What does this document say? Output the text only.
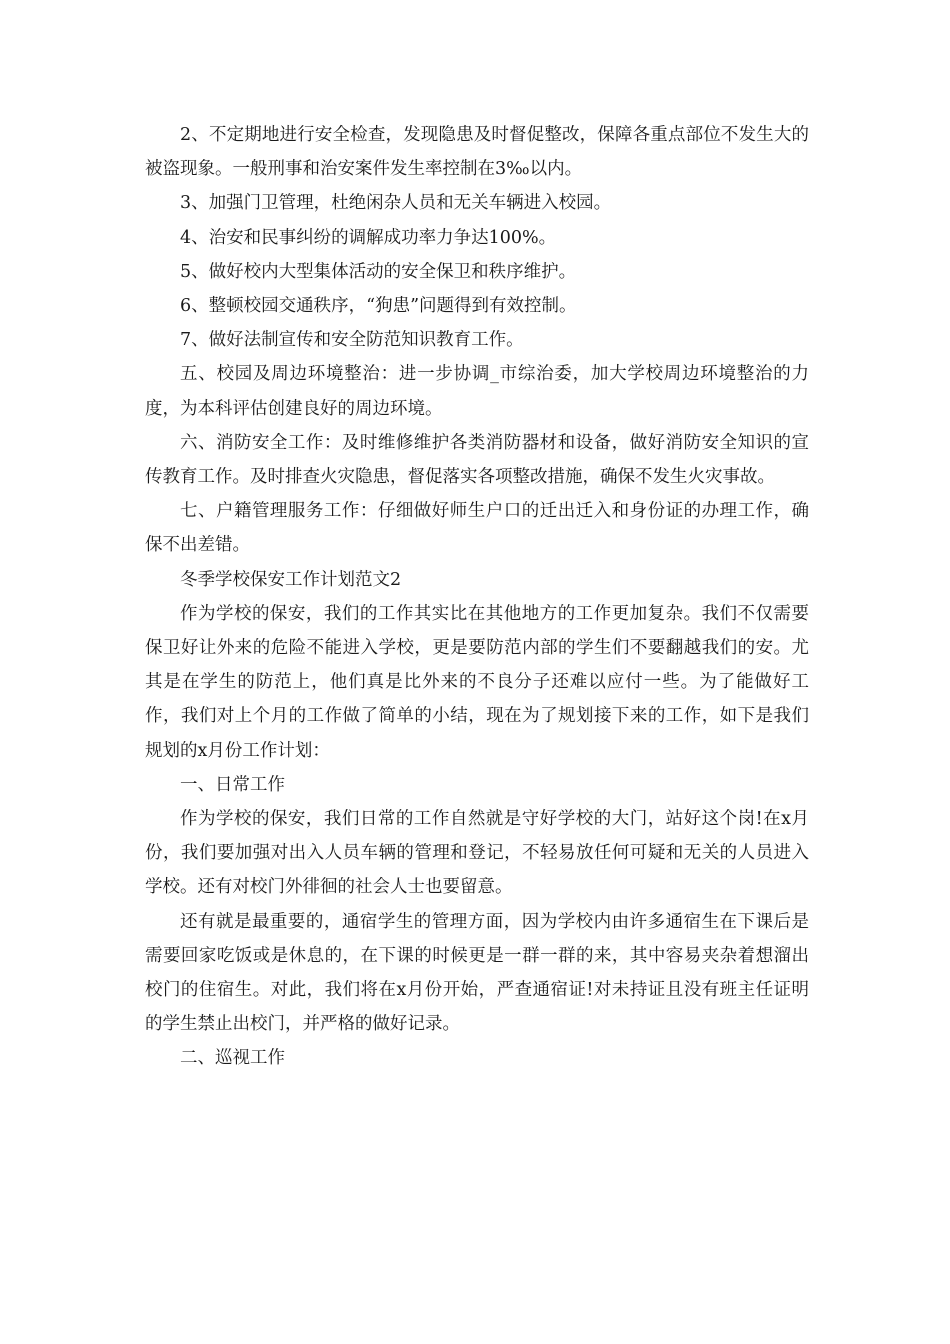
2、不定期地进行安全检查，发现隐患及时督促整改，保障各重点部位不发生大的被盗现象。一般刑事和治安案件发生率控制在3‰以内。

3、加强门卫管理，杜绝闲杂人员和无关车辆进入校园。

4、治安和民事纠纷的调解成功率力争达100%。

5、做好校内大型集体活动的安全保卫和秩序维护。

6、整顿校园交通秩序，“狗患”问题得到有效控制。

7、做好法制宣传和安全防范知识教育工作。

五、校园及周边环境整治：进一步协调_市综治委，加大学校周边环境整治的力度，为本科评估创建良好的周边环境。

六、消防安全工作：及时维修维护各类消防器材和设备，做好消防安全知识的宣传教育工作。及时排查火灾隐患，督促落实各项整改措施，确保不发生火灾事故。

七、户籍管理服务工作：仔细做好师生户口的迁出迁入和身份证的办理工作，确保不出差错。

冬季学校保安工作计划范文2

作为学校的保安，我们的工作其实比在其他地方的工作更加复杂。我们不仅需要保卫好让外来的危险不能进入学校，更是要防范内部的学生们不要翻越我们的安。尤其是在学生的防范上，他们真是比外来的不良分子还难以应付一些。为了能做好工作，我们对上个月的工作做了简单的小结，现在为了规划接下来的工作，如下是我们规划的x月份工作计划：

一、日常工作

作为学校的保安，我们日常的工作自然就是守好学校的大门，站好这个岗!在x月份，我们要加强对出入人员车辆的管理和登记，不轻易放任何可疑和无关的人员进入学校。还有对校门外徘徊的社会人士也要留意。

还有就是最重要的，通宿学生的管理方面，因为学校内由许多通宿生在下课后是需要回家吃饭或是休息的，在下课的时候更是一群一群的来，其中容易夹杂着想溜出校门的住宿生。对此，我们将在x月份开始，严查通宿证!对未持证且没有班主任证明的学生禁止出校门，并严格的做好记录。

二、巡视工作
